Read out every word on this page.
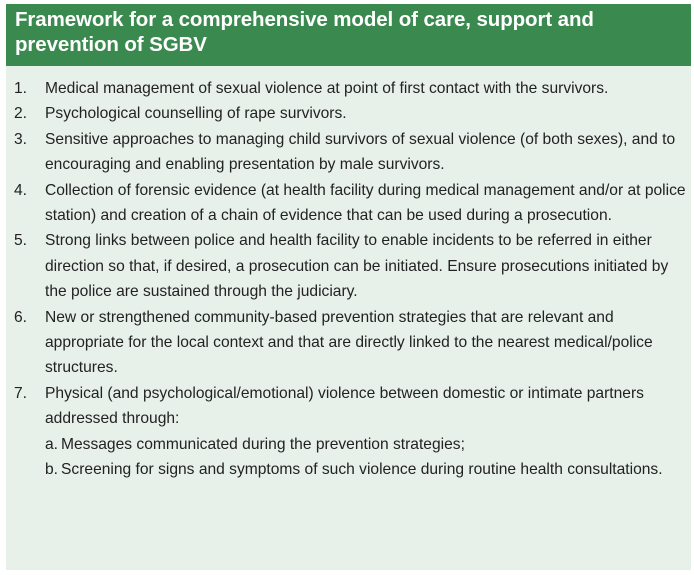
Framework for a comprehensive model of care, support and prevention of SGBV
1. Medical management of sexual violence at point of first contact with the survivors.
2. Psychological counselling of rape survivors.
3. Sensitive approaches to managing child survivors of sexual violence (of both sexes), and to encouraging and enabling presentation by male survivors.
4. Collection of forensic evidence (at health facility during medical management and/or at police station) and creation of a chain of evidence that can be used during a prosecution.
5. Strong links between police and health facility to enable incidents to be referred in either direction so that, if desired, a prosecution can be initiated. Ensure prosecutions initiated by the police are sustained through the judiciary.
6. New or strengthened community-based prevention strategies that are relevant and appropriate for the local context and that are directly linked to the nearest medical/police structures.
7. Physical (and psychological/emotional) violence between domestic or intimate partners addressed through:
a. Messages communicated during the prevention strategies;
b. Screening for signs and symptoms of such violence during routine health consultations.
